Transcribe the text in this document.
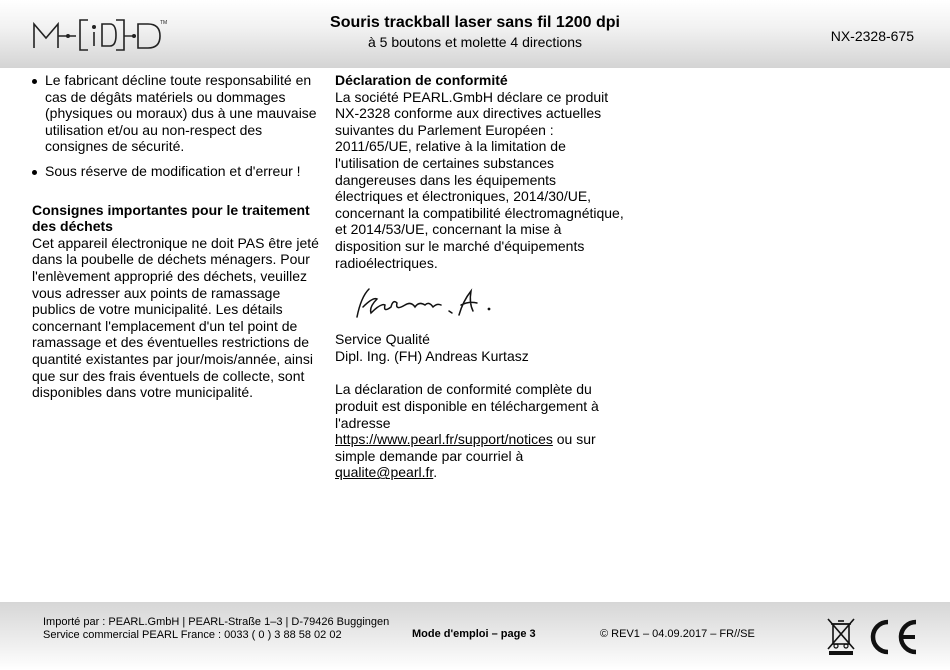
TM	Souris trackball laser sans fil 1200 dpi
à 5 boutons et molette 4 directions	NX-2328-675
Le fabricant décline toute responsabilité en cas de dégâts matériels ou dommages (physiques ou moraux) dus à une mauvaise utilisation et/ou au non-respect des consignes de sécurité.
Sous réserve de modification et d'erreur !
Consignes importantes pour le traitement des déchets
Cet appareil électronique ne doit PAS être jeté dans la poubelle de déchets ménagers. Pour l'enlèvement approprié des déchets, veuillez vous adresser aux points de ramassage publics de votre municipalité. Les détails concernant l'emplacement d'un tel point de ramassage et des éventuelles restrictions de quantité existantes par jour/mois/année, ainsi que sur des frais éventuels de collecte, sont disponibles dans votre municipalité.
Déclaration de conformité
La société PEARL.GmbH déclare ce produit NX-2328 conforme aux directives actuelles suivantes du Parlement Européen : 2011/65/UE, relative à la limitation de l'utilisation de certaines substances dangereuses dans les équipements électriques et électroniques, 2014/30/UE, concernant la compatibilité électromagnétique, et 2014/53/UE, concernant la mise à disposition sur le marché d'équipements radioélectriques.
Service Qualité
Dipl. Ing. (FH) Andreas Kurtasz
La déclaration de conformité complète du produit est disponible en téléchargement à l'adresse
https://www.pearl.fr/support/notices ou sur simple demande par courriel à
qualite@pearl.fr.
Importé par : PEARL.GmbH | PEARL-Straße 1–3 | D-79426 Buggingen
Service commercial PEARL France : 0033 ( 0 ) 3 88 58 02 02	Mode d'emploi – page 3	© REV1 – 04.09.2017 – FR//SE
